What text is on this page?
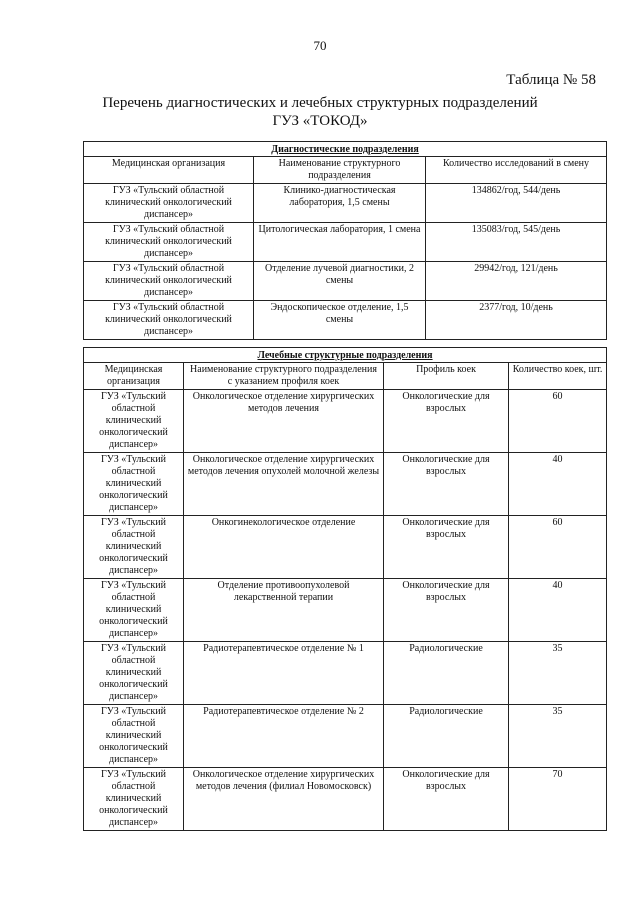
70
Таблица № 58
Перечень диагностических и лечебных структурных подразделений
ГУЗ «ТОКОД»
Диагностические подразделения		
Медицинская организация	Наименование структурного подразделения	Количество исследований в смену
ГУЗ «Тульский областной клинический онкологический диспансер»	Клинико-диагностическая лаборатория, 1,5 смены	134862/год, 544/день
ГУЗ «Тульский областной клинический онкологический диспансер»	Цитологическая лаборатория, 1 смена	135083/год, 545/день
ГУЗ «Тульский областной клинический онкологический диспансер»	Отделение лучевой диагностики, 2 смены	29942/год, 121/день
ГУЗ «Тульский областной клинический онкологический диспансер»	Эндоскопическое отделение, 1,5 смены	2377/год, 10/день
Лечебные структурные подразделения			
Медицинская организация	Наименование структурного подразделения с указанием профиля коек	Профиль коек	Количество коек, шт.
ГУЗ «Тульский областной клинический онкологический диспансер»	Онкологическое отделение хирургических методов лечения	Онкологические для взрослых	60
ГУЗ «Тульский областной клинический онкологический диспансер»	Онкологическое отделение хирургических методов лечения опухолей молочной железы	Онкологические для взрослых	40
ГУЗ «Тульский областной клинический онкологический диспансер»	Онкогинекологическое отделение	Онкологические для взрослых	60
ГУЗ «Тульский областной клинический онкологический диспансер»	Отделение противоопухолевой лекарственной терапии	Онкологические для взрослых	40
ГУЗ «Тульский областной клинический онкологический диспансер»	Радиотерапевтическое отделение № 1	Радиологические	35
ГУЗ «Тульский областной клинический онкологический диспансер»	Радиотерапевтическое отделение № 2	Радиологические	35
ГУЗ «Тульский областной клинический онкологический диспансер»	Онкологическое отделение хирургических методов лечения (филиал Новомосковск)	Онкологические для взрослых	70
